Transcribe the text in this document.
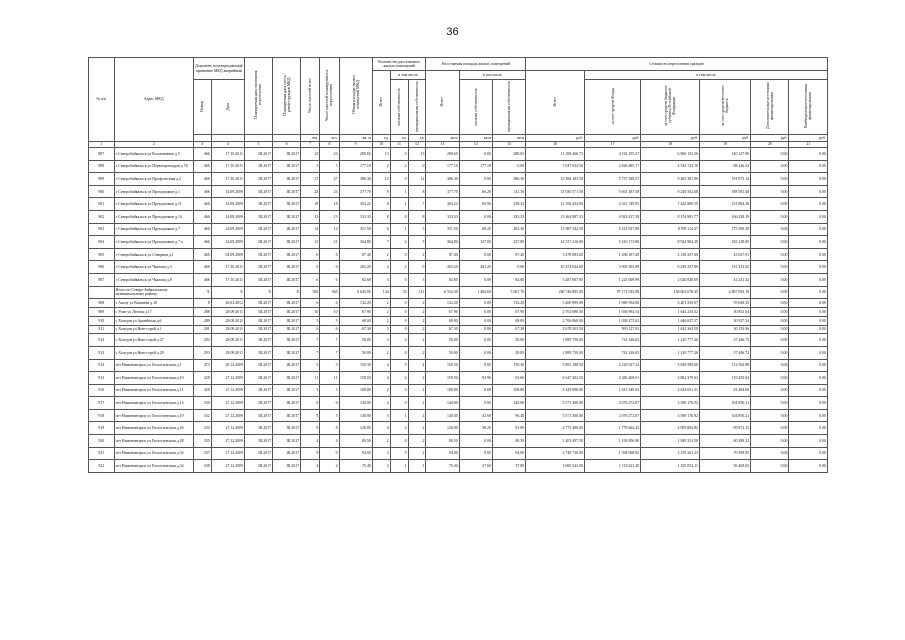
36
№ п/п	Адрес МКД	Документ, подтверждающий признание МКД аварийным		Планируемая дата окончания переселения	Планируемая дата сноса / реконструкции МКД	Число жителей всего	Число жителей планируемых к переселению	Общая площадь жилых помещений МКД	Количество расселяемых жилых помещений			Расселяемая площадь жилых помещений			Стоимость переселения граждан					
									Всего	в том числе		Всего	в том числе		Всего	в том числе				
		Номер	Дата							частная собственность	муниципальная собственность		частная собственность	муниципальная собственность		за счет средств Фонда	за счет средств бюджета субъекта Российской Федерации	за счет средств местного бюджета	Дополнительные источники финансирования	Внебюджетные источники финансирования
						чел.	чел.	кв. м	ед.	ед.	ед.	кв.м	кв.м	кв.м	руб.	руб.	руб.	руб.	руб.	руб.
1	2	3	4	5	6	7	8	9	10	11	12	13	14	15	16	17	18	19	20	21
897	г Северобайкальск ул Космонавтов д.5	466	17.10.2011	III.2017	III.2017	23	23	280.65	13	0	13	280.65	0.00	280.65	11 168 466.73	4 162 185.27	6 866 153.56	140 127.90	0.00	0.00
898	г Северобайкальск ул Первопроходцев д.7Б	466	17.10.2011	III.2017	III.2017	5	5	177.10	2	2	0	177.10	177.10	0.00	7 047 634.50	2 626 485.17	4 332 723.10	88 426.23	0.00	0.00
899	г Северобайкальск ул Профсоюзная д.2	466	17.10.2011	III.2017	III.2017	27	27	386.30	12	0	12	386.30	0.00	386.30	15 394 183.50	5 737 928.37	9 465 381.99	191 873.14	0.00	0.00
900	г Северобайкальск ул Проходчиков д.1	466	14.09.2009	III.2017	III.2017	23	23	377.70	9	1	8	377.70	66.20	311.50	15 030 571.50	5 601 487.38	9 240 502.68	188 581.48	0.00	0.00
901	г Северобайкальск ул Проходчиков д.11	466	14.09.2009	III.2017	III.2017	18	18	304.22	8	1	7	304.22	65.90	238.32	12 106 434.90	4 311 749.95	7 442 800.59	151 884.38	0.00	0.00
902	г Северобайкальск ул Проходчиков д.14	466	14.09.2009	III.2017	III.2017	13	13	333.33	8	0	8	333.33	0.00	333.33	13 264 887.33	4 943 437.39	8 154 981.77	166 428.19	0.00	0.00
903	г Северобайкальск ул Проходчиков д.7	466	14.09.2009	III.2017	III.2017	14	14	351.50	6	1	5	351.50	68.20	283.30	13 987 542.50	5 212 927.80	8 599 114.27	175 500.29	0.00	0.00
904	г Северобайкальск ул Проходчиков д.7 а	466	14.09.2009	III.2017	III.2017	21	21	364.80	7	2	5	364.80	127.00	237.80	14 517 216.00	5 410 173.86	8 924 904.29	182 138.85	0.00	0.00
905	г Северобайкальск ул Северная д.1	466	04.09.2009	III.2017	III.2017	6	6	87.40	2	0	2	87.40	0.00	87.40	3 478 083.00	1 296 187.49	2 138 257.60	43 637.91	0.00	0.00
906	г Северобайкальск ул Чкалова д.3	466	17.10.2011	III.2017	III.2017	6	6	263.20	2	2	0	263.20	263.20	0.00	10 474 044.00	3 903 392.99	6 439 237.99	131 413.02	0.00	0.00
907	г Северобайкальск ул Чкалова д.8	466	17.10.2011	III.2017	III.2017	6	6	82.60	3	0	3	82.60	0.00	82.60	3 287 067.00	1 225 009.99	2 020 820.69	41 241.32	0.00	0.00
	Итого по Северо-Байкальскому муниципальному району:	X	X	X	X	365	365	6 643.06	144	33	111	6 552.30	1 484.60	5 067.70	260 746 895.00	97 171 035.08	158 602 678.45	4 807 092.19	0.00	0.00
908	с Аягиу ул Вишнева д.10	8	26.03.2012	III.2017	III.2017	6	6	132.20	2	0	2	132.20	0.00	132.20	5 260 899.00	1 969 594.80	3 201 250.07	59 049.35	0.00	0.00
909	с Усин ул Лесная д.17	288	28.09.2011	III.2017	III.2017	10	10	67.90	2	0	2	67.90	0.00	67.90	2 702 080.50	1 036 992.34	1 644 233.32	30 852.64	0.00	0.00
910	с Хоэгдон ул Армейская д.6	289	28.09.2011	III.2017	III.2017	5	5	68.00	2	0	2	68.00	0.00	68.00	2 706 060.00	1 038 475.63	1 646 657.37	30 927.54	0.00	0.00
911	с Хоэгдон ул Нью-строй д.1	291	28.09.2011	III.2017	III.2017	6	6	67.30	2	0	2	67.30	0.00	67.30	2 678 203.50	993 127.93	1 624 363.58	30 153.96	0.00	0.00
912	с Хоэгдон ул Нью-строй д.27	292	28.09.2011	III.2017	III.2017	7	7	50.00	2	0	2	50.00	0.00	50.00	1 989 750.00	741 326.02	1 210 777.26	37 446.72	0.00	0.00
913	с Хоэгдон ул Нью-строй д.29	293	28.09.2011	III.2017	III.2017	7	7	50.00	2	0	2	50.00	0.00	50.00	1 989 750.00	741 326.02	1 210 777.26	37 446.72	0.00	0.00
914	пгт Нижнеангарск ул Геологическая д.1	473	29.12.2009	III.2017	III.2017	5	5	150.30	4	0	4	150.30	0.00	150.30	5 981 188.50	2 229 027.22	3 639 596.60	112 564.88	0.00	0.00
915	пгт Нижнеангарск ул Геологическая д.10	328	27.12.2009	III.2017	III.2017	11	11	159.50	4	2	2	159.50	93.90	65.60	6 347 302.50	2 365 468.01	3 862 379.63	119 455.04	0.00	0.00
916	пгт Нижнеангарск ул Геологическая д.11	329	27.12.2009	III.2017	III.2017	3	3	108.80	2	0	2	108.80	0.00	108.80	4 329 696.00	1 613 540.63	2 634 651.31	81 484.06	0.00	0.00
917	пгт Нижнеангарск ул Геологическая д.14	330	27.12.2009	III.2017	III.2017	6	6	140.00	2	0	2	140.00	0.00	140.00	5 571 300.00	2 076 272.87	3 390 176.92	104 850.21	0.00	0.00
918	пгт Нижнеангарск ул Геологическая д.19	332	27.12.2009	III.2017	III.2017	5	5	140.00	3	1	2	140.00	43.60	96.40	5 571 300.00	2 076 272.87	3 390 176.92	104 850.21	0.00	0.00
919	пгт Нижнеангарск ул Геологическая д.26	334	27.12.2009	III.2017	III.2017	8	8	120.00	4	2	2	120.00	38.20	81.80	4 775 400.00	1 779 662.43	2 905 865.82	89 872.15	0.00	0.00
920	пгт Нижнеангарск ул Геологическая д.28	335	27.12.2009	III.2017	III.2017	4	4	80.50	2	0	2	80.50	0.00	80.50	3 203 497.50	1 193 856.90	1 949 331.58	60 289.22	0.00	0.00
921	пгт Нижнеангарск ул Геологическая д.33	337	27.12.2009	III.2017	III.2017	9	9	94.00	2	0	2	94.00	0.00	94.00	3 740 730.00	1 394 068.92	2 276 261.23	70 399.85	0.00	0.00
922	пгт Нижнеангарск ул Геологическая д.34	338	27.12.2009	III.2017	III.2017	4	4	75.40	2	1	1	75.40	37.60	37.80	3 000 543.00	1 118 221.20	1 825 852.11	56 469.65	0.00	0.00
